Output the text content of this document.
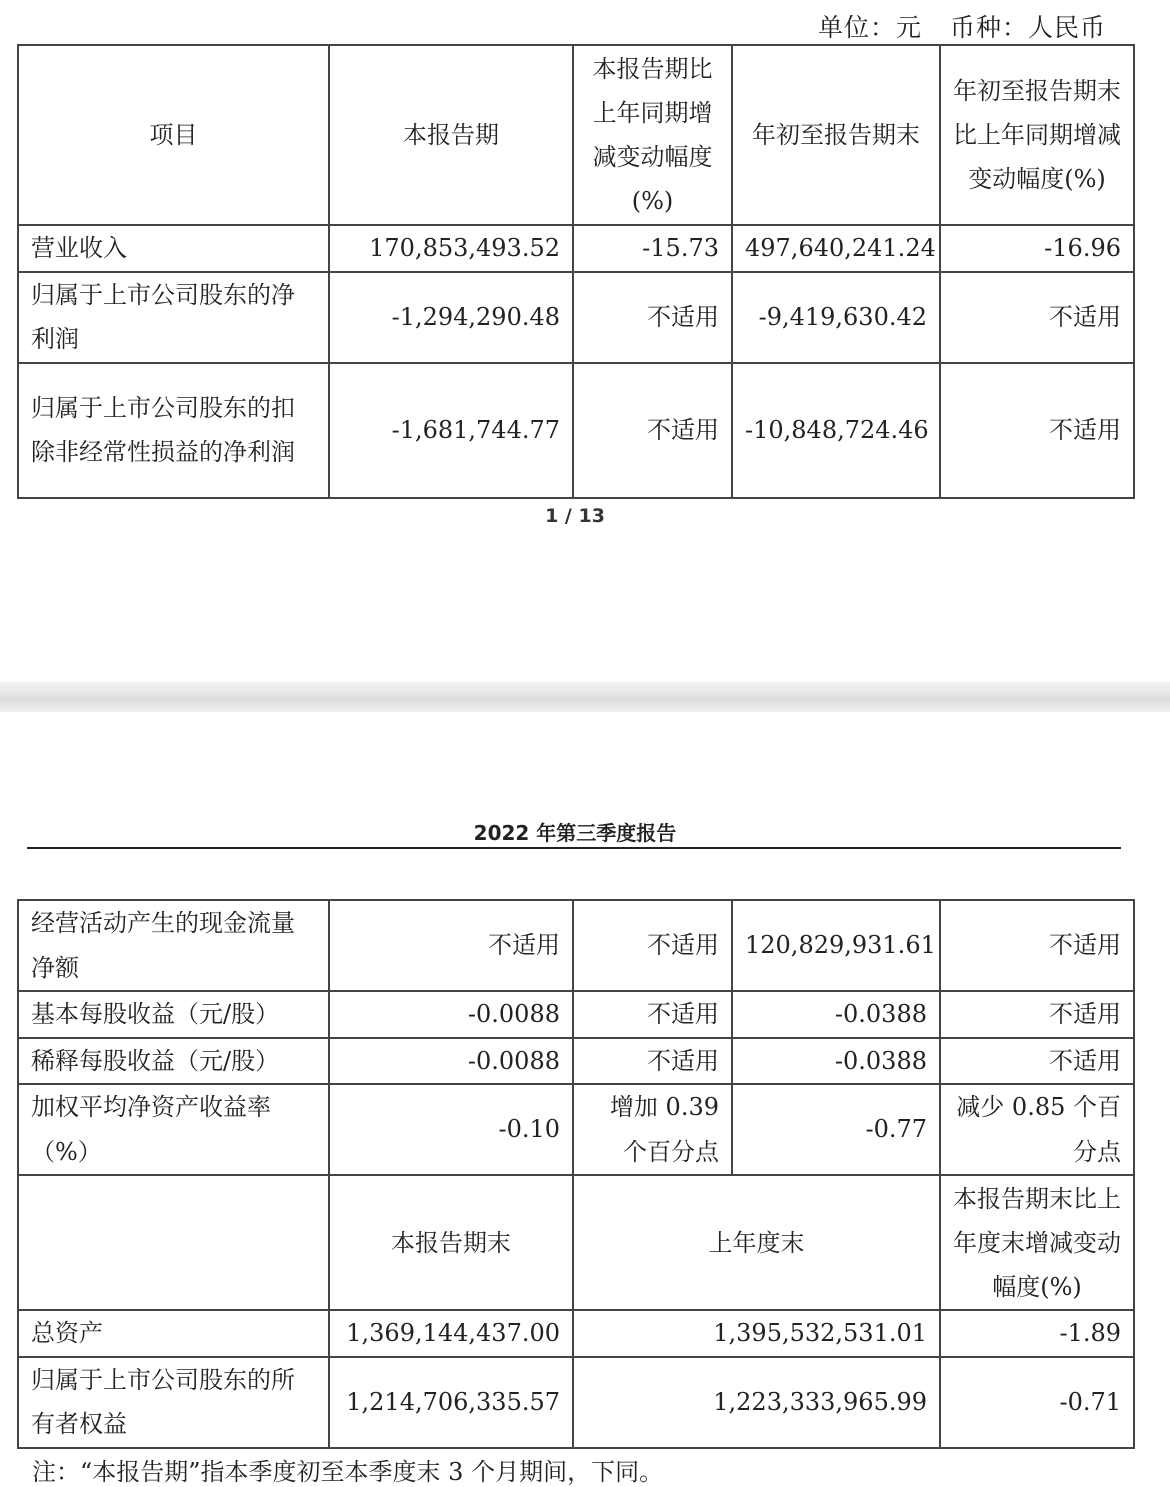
单位：元 币种：人民币
项目	本报告期	本报告期比上年同期增减变动幅度(%)	年初至报告期末	年初至报告期末比上年同期增减变动幅度(%)
营业收入	170,853,493.52	-15.73	497,640,241.24	-16.96
归属于上市公司股东的净利润	-1,294,290.48	不适用	-9,419,630.42	不适用
归属于上市公司股东的扣除非经常性损益的净利润	-1,681,744.77	不适用	-10,848,724.46	不适用
1 / 13
2022 年第三季度报告
经营活动产生的现金流量净额	不适用	不适用	120,829,931.61	不适用
基本每股收益（元/股）	-0.0088	不适用	-0.0388	不适用
稀释每股收益（元/股）	-0.0088	不适用	-0.0388	不适用
加权平均净资产收益率（%）	-0.10	增加 0.39 个百分点	-0.77	减少 0.85 个百分点
	本报告期末	上年度末		本报告期末比上年度末增减变动幅度(%)
总资产	1,369,144,437.00	1,395,532,531.01		-1.89
归属于上市公司股东的所有者权益	1,214,706,335.57	1,223,333,965.99		-0.71
注：“本报告期”指本季度初至本季度末 3 个月期间，下同。
